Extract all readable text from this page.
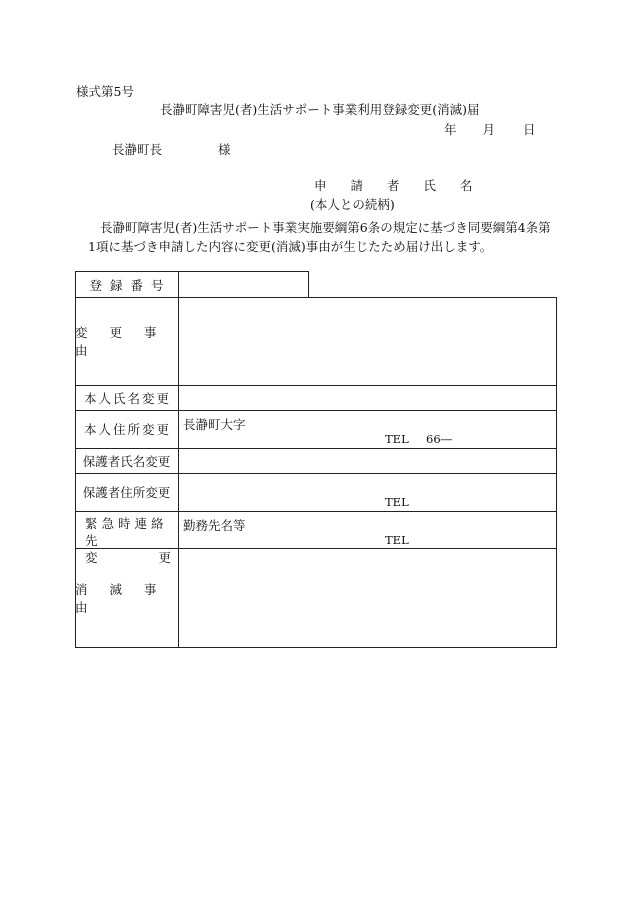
様式第5号
長瀞町障害児(者)生活サポート事業利用登録変更(消滅)届
年 月 日
長瀞町長	様
申 請 者 氏 名
(本人との続柄)
長瀞町障害児(者)生活サポート事業実施要綱第6条の規定に基づき同要綱第4条第1項に基づき申請した内容に変更(消滅)事由が生じたため届け出します。
登 録 番 号
変 更 事 由
本人氏名変更
本人住所変更 長瀞町大字
TEL 66―
保護者氏名変更
保護者住所変更
TEL
緊急時連絡先
変	更
勤務先名等
TEL
消 滅 事 由
